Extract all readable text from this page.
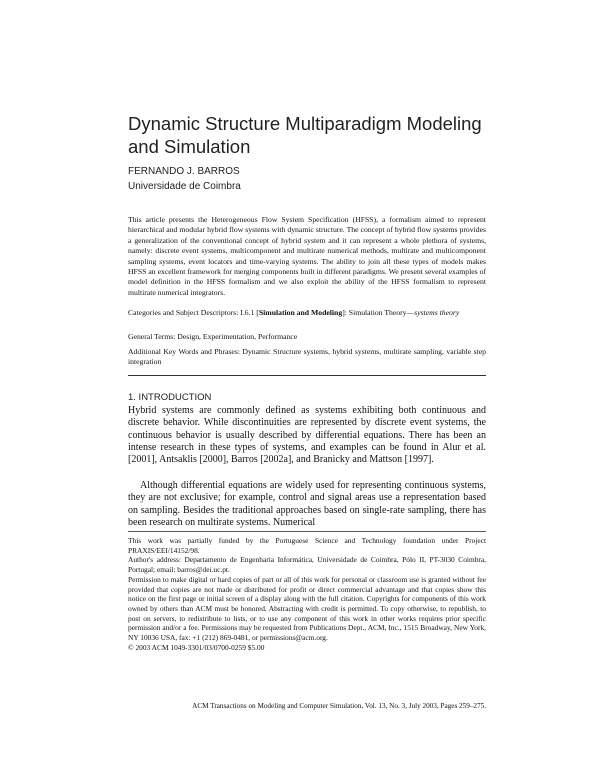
Dynamic Structure Multiparadigm Modeling and Simulation
FERNANDO J. BARROS
Universidade de Coimbra

This article presents the Heterogeneous Flow System Specification (HFSS), a formalism aimed to represent hierarchical and modular hybrid flow systems with dynamic structure. The concept of hybrid flow systems provides a generalization of the conventional concept of hybrid system and it can represent a whole plethora of systems, namely: discrete event systems, multicomponent and multirate numerical methods, multirate and multicomponent sampling systems, event locators and time-varying systems. The ability to join all these types of models makes HFSS an excellent framework for merging components built in different paradigms. We present several examples of model definition in the HFSS formalism and we also exploit the ability of the HFSS formalism to represent multirate numerical integrators.

Categories and Subject Descriptors: I.6.1 [Simulation and Modeling]: Simulation Theory—systems theory

General Terms: Design, Experimentation, Performance

Additional Key Words and Phrases: Dynamic Structure systems, hybrid systems, multirate sampling, variable step integration

1. INTRODUCTION

Hybrid systems are commonly defined as systems exhibiting both continuous and discrete behavior. While discontinuities are represented by discrete event systems, the continuous behavior is usually described by differential equations. There has been an intense research in these types of systems, and examples can be found in Alur et al. [2001], Antsaklis [2000], Barros [2002a], and Branicky and Mattson [1997].

Although differential equations are widely used for representing continuous systems, they are not exclusive; for example, control and signal areas use a representation based on sampling. Besides the traditional approaches based on single-rate sampling, there has been research on multirate systems. Numerical

This work was partially funded by the Portuguese Science and Technology foundation under Project PRAXIS/EEI/14152/98.

Author's address: Departamento de Engenharia Informática, Universidade de Coimbra, Pólo II, PT-3030 Coimbra, Portugal; email: barros@dei.uc.pt.

Permission to make digital or hard copies of part or all of this work for personal or classroom use is granted without fee provided that copies are not made or distributed for profit or direct commercial advantage and that copies show this notice on the first page or initial screen of a display along with the full citation. Copyrights for components of this work owned by others than ACM must be honored. Abstracting with credit is permitted. To copy otherwise, to republish, to post on servers, to redistribute to lists, or to use any component of this work in other works requires prior specific permission and/or a fee. Permissions may be requested from Publications Dept., ACM, Inc., 1515 Broadway, New York, NY 10036 USA, fax: +1 (212) 869-0481, or permissions@acm.org.

© 2003 ACM 1049-3301/03/0700-0259 $5.00

ACM Transactions on Modeling and Computer Simulation, Vol. 13, No. 3, July 2003, Pages 259–275.
